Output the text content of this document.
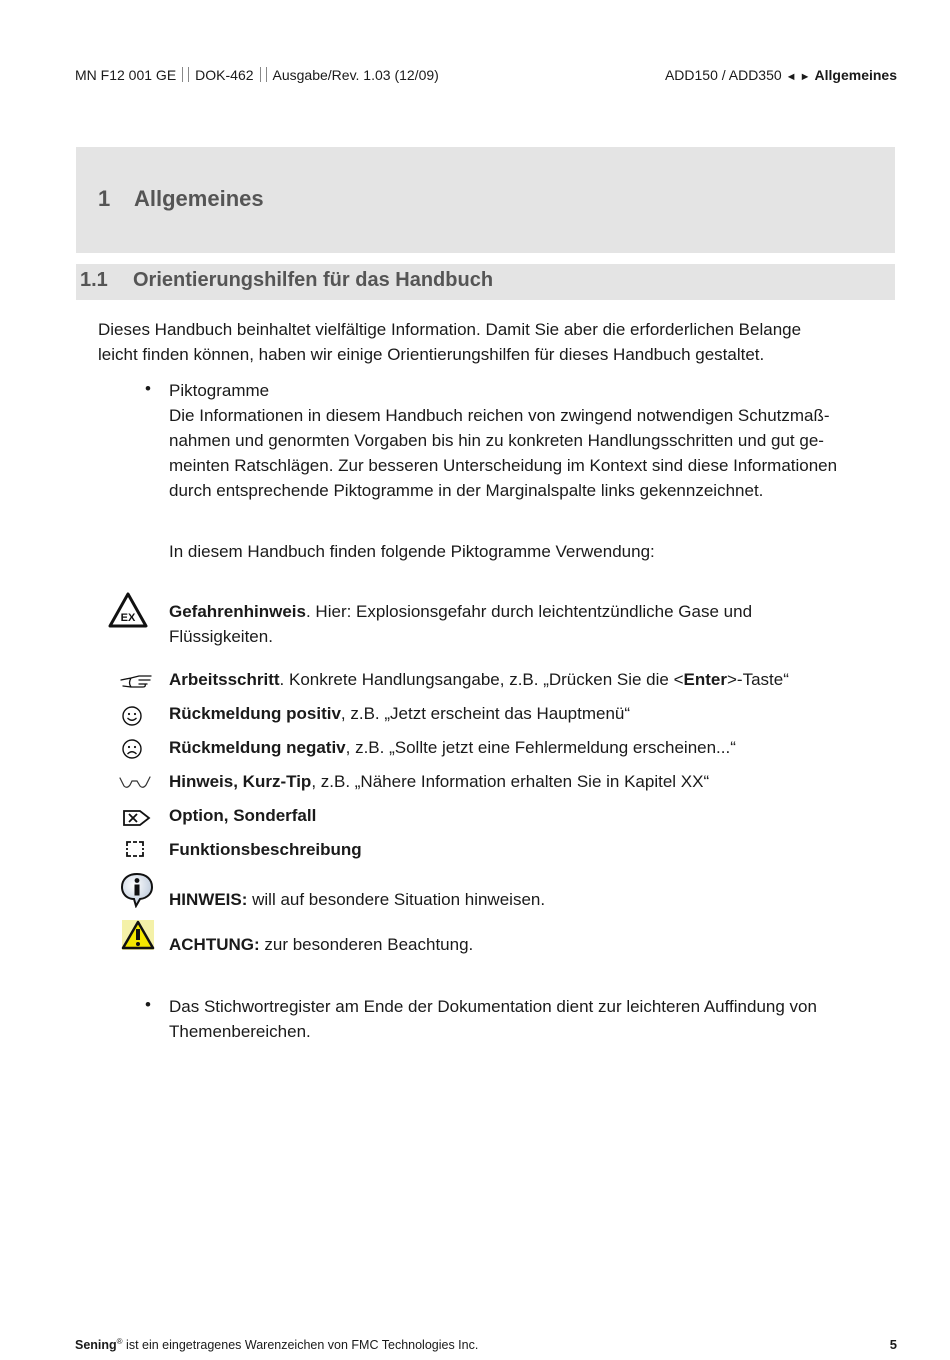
MN F12 001 GE DOK-462 Ausgabe/Rev. 1.03 (12/09)	ADD150 / ADD350 ◄ ► Allgemeines
1 Allgemeines
1.1 Orientierungshilfen für das Handbuch
Dieses Handbuch beinhaltet vielfältige Information. Damit Sie aber die erforderlichen Belange
leicht finden können, haben wir einige Orientierungshilfen für dieses Handbuch gestaltet.
• Piktogramme
Die Informationen in diesem Handbuch reichen von zwingend notwendigen Schutzmaß-
nahmen und genormten Vorgaben bis hin zu konkreten Handlungsschritten und gut ge-
meinten Ratschlägen. Zur besseren Unterscheidung im Kontext sind diese Informationen
durch entsprechende Piktogramme in der Marginalspalte links gekennzeichnet.
In diesem Handbuch finden folgende Piktogramme Verwendung:
EX Gefahrenhinweis. Hier: Explosionsgefahr durch leichtentzündliche Gase und
Flüssigkeiten.
Arbeitsschritt. Konkrete Handlungsangabe, z.B. „Drücken Sie die <Enter>-Taste“
Rückmeldung positiv, z.B. „Jetzt erscheint das Hauptmenü“
Rückmeldung negativ, z.B. „Sollte jetzt eine Fehlermeldung erscheinen...“
Hinweis, Kurz-Tip, z.B. „Nähere Information erhalten Sie in Kapitel XX“
Option, Sonderfall
Funktionsbeschreibung
HINWEIS: will auf besondere Situation hinweisen.
ACHTUNG: zur besonderen Beachtung.
• Das Stichwortregister am Ende der Dokumentation dient zur leichteren Auffindung von
Themenbereichen.
Sening® ist ein eingetragenes Warenzeichen von FMC Technologies Inc.	5
